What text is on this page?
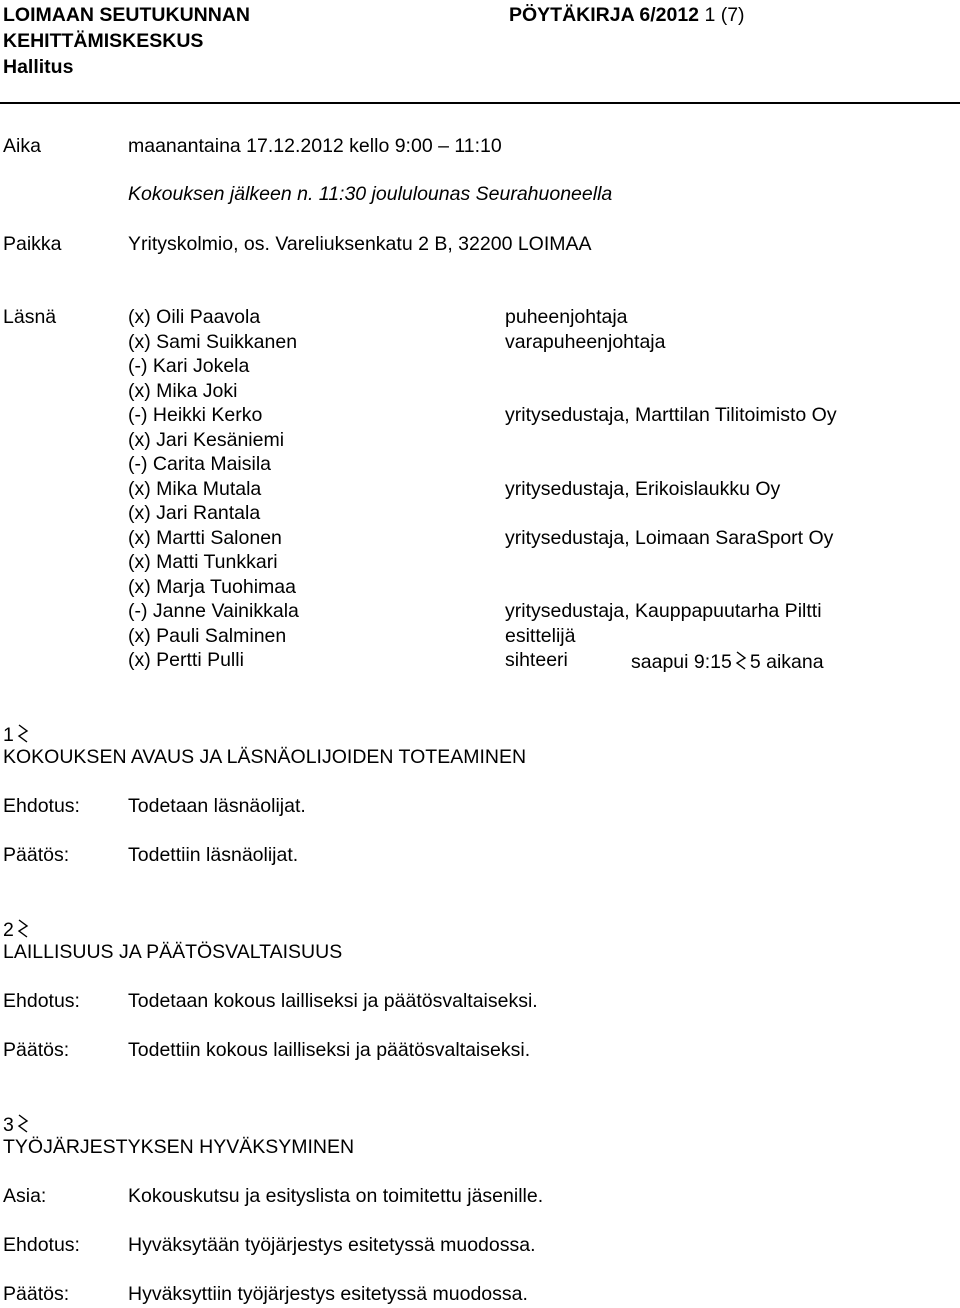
LOIMAAN SEUTUKUNNAN
KEHITTÄMISKESKUS
Hallitus
PÖYTÄKIRJA 6/2012 1 (7)
Aika	maanantaina 17.12.2012 kello 9:00 – 11:10
Kokouksen jälkeen n. 11:30 joululounas Seurahuoneella
Paikka	Yrityskolmio, os. Vareliuksenkatu 2 B, 32200 LOIMAA
Läsnä	(x) Oili Paavola	puheenjohtaja
(x) Sami Suikkanen	varapuheenjohtaja
(-) Kari Jokela
(x) Mika Joki
(-) Heikki Kerko	yritysedustaja, Marttilan Tilitoimisto Oy
(x) Jari Kesäniemi
(-) Carita Maisila
(x) Mika Mutala	yritysedustaja, Erikoislaukku Oy
(x) Jari Rantala
(x) Martti Salonen	yritysedustaja, Loimaan SaraSport Oy
(x) Matti Tunkkari
(x) Marja Tuohimaa
(-) Janne Vainikkala	yritysedustaja, Kauppapuutarha Piltti
(x) Pauli Salminen	esittelijä
(x) Pertti Pulli	sihteeri	saapui 9:15 5 aikana
1
KOKOUKSEN AVAUS JA LÄSNÄOLIJOIDEN TOTEAMINEN
Ehdotus: Todetaan läsnäolijat.
Päätös:	Todettiin läsnäolijat.
2
LAILLISUUS JA PÄÄTÖSVALTAISUUS
Ehdotus: Todetaan kokous lailliseksi ja päätösvaltaiseksi.
Päätös:	Todettiin kokous lailliseksi ja päätösvaltaiseksi.
3
TYÖJÄRJESTYKSEN HYVÄKSYMINEN
Asia:	Kokouskutsu ja esityslista on toimitettu jäsenille.
Ehdotus: Hyväksytään työjärjestys esitetyssä muodossa.
Päätös:	Hyväksyttiin työjärjestys esitetyssä muodossa.
